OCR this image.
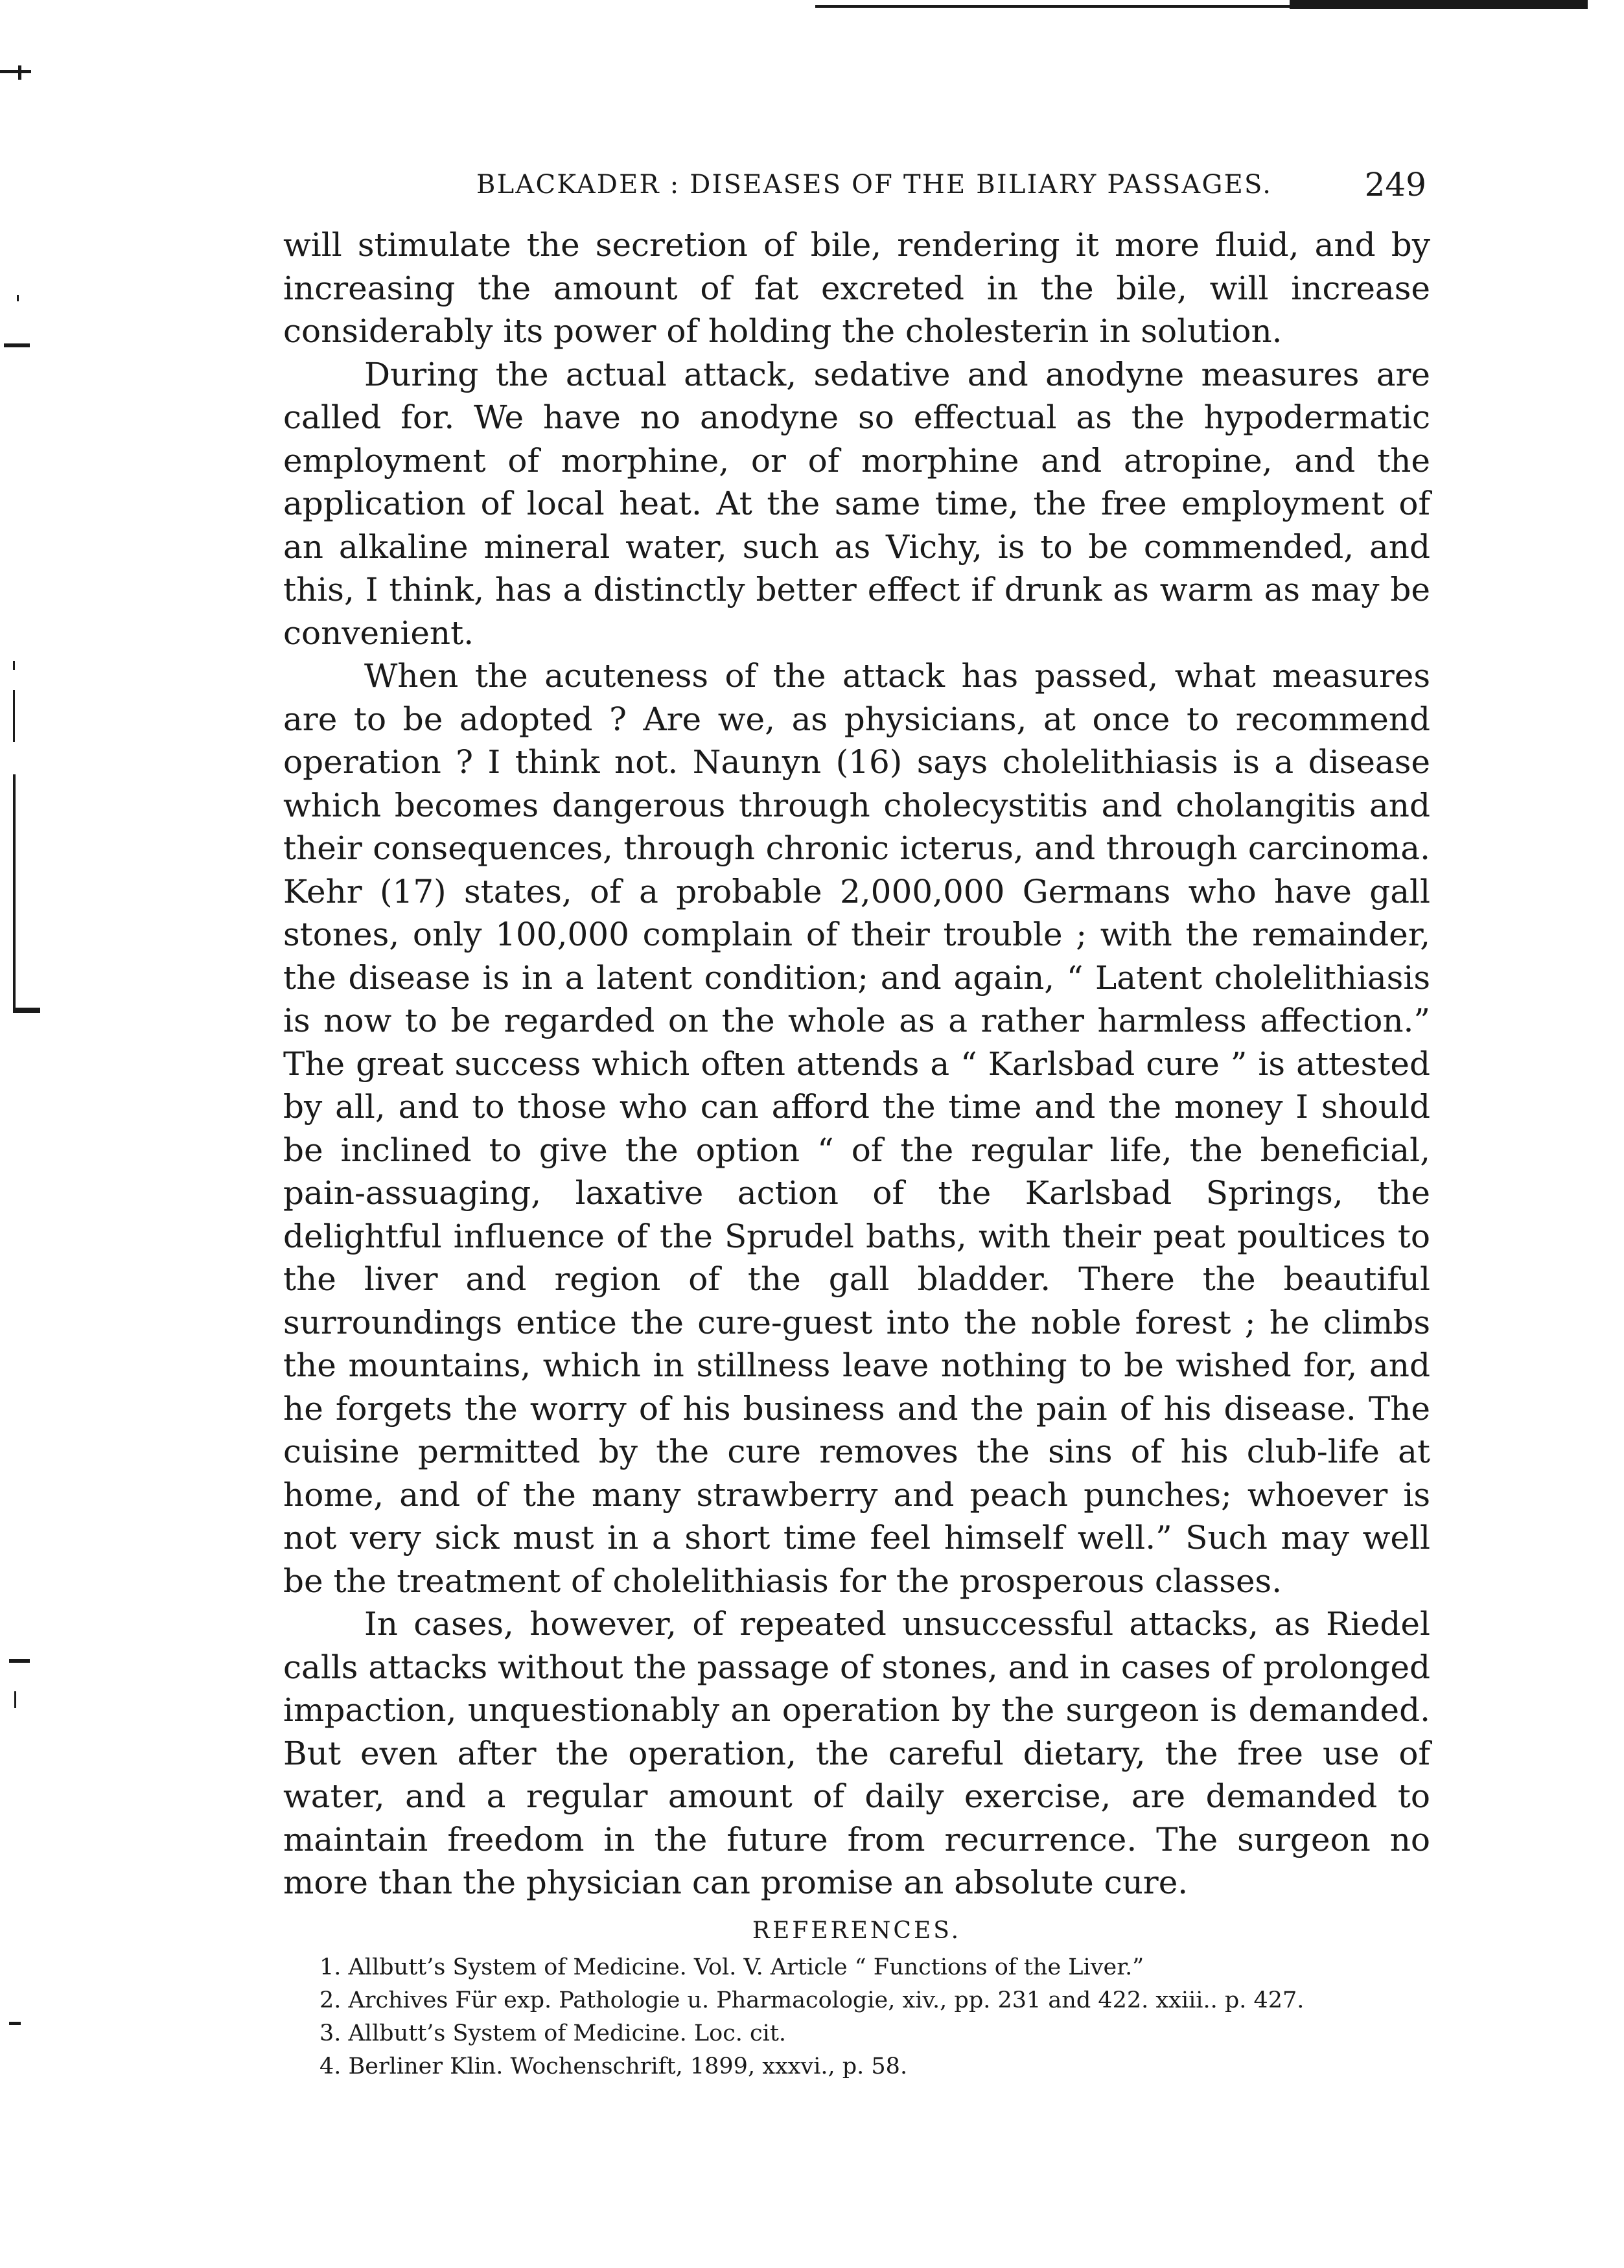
BLACKADER : DISEASES OF THE BILIARY PASSAGES.	249

will stimulate the secretion of bile, rendering it more fluid, and by increasing the amount of fat excreted in the bile, will increase considerably its power of holding the cholesterin in solution.

During the actual attack, sedative and anodyne measures are called for. We have no anodyne so effectual as the hypodermatic employment of morphine, or of morphine and atropine, and the application of local heat. At the same time, the free employment of an alkaline mineral water, such as Vichy, is to be commended, and this, I think, has a distinctly better effect if drunk as warm as may be convenient.

When the acuteness of the attack has passed, what measures are to be adopted ? Are we, as physicians, at once to recommend operation ? I think not. Naunyn (16) says cholelithiasis is a disease which becomes dangerous through cholecystitis and cholangitis and their consequences, through chronic icterus, and through carcinoma. Kehr (17) states, of a probable 2,000,000 Germans who have gall stones, only 100,000 complain of their trouble ; with the remainder, the disease is in a latent condition; and again, “ Latent cholelithiasis is now to be regarded on the whole as a rather harmless affection.” The great success which often attends a “ Karlsbad cure ” is attested by all, and to those who can afford the time and the money I should be inclined to give the option “ of the regular life, the beneficial, pain-assuaging, laxative action of the Karlsbad Springs, the delightful influence of the Sprudel baths, with their peat poultices to the liver and region of the gall bladder. There the beautiful surroundings entice the cure-guest into the noble forest ; he climbs the mountains, which in stillness leave nothing to be wished for, and he forgets the worry of his business and the pain of his disease. The cuisine permitted by the cure removes the sins of his club-life at home, and of the many strawberry and peach punches; whoever is not very sick must in a short time feel himself well.” Such may well be the treatment of cholelithiasis for the prosperous classes.

In cases, however, of repeated unsuccessful attacks, as Riedel calls attacks without the passage of stones, and in cases of prolonged impaction, unquestionably an operation by the surgeon is demanded. But even after the operation, the careful dietary, the free use of water, and a regular amount of daily exercise, are demanded to maintain freedom in the future from recurrence. The surgeon no more than the physician can promise an absolute cure.

REFERENCES.
1. Allbutt’s System of Medicine. Vol. V. Article “ Functions of the Liver.”
2. Archives Für exp. Pathologie u. Pharmacologie, xiv., pp. 231 and 422. xxiii.. p. 427.
3. Allbutt’s System of Medicine. Loc. cit.
4. Berliner Klin. Wochenschrift, 1899, xxxvi., p. 58.
